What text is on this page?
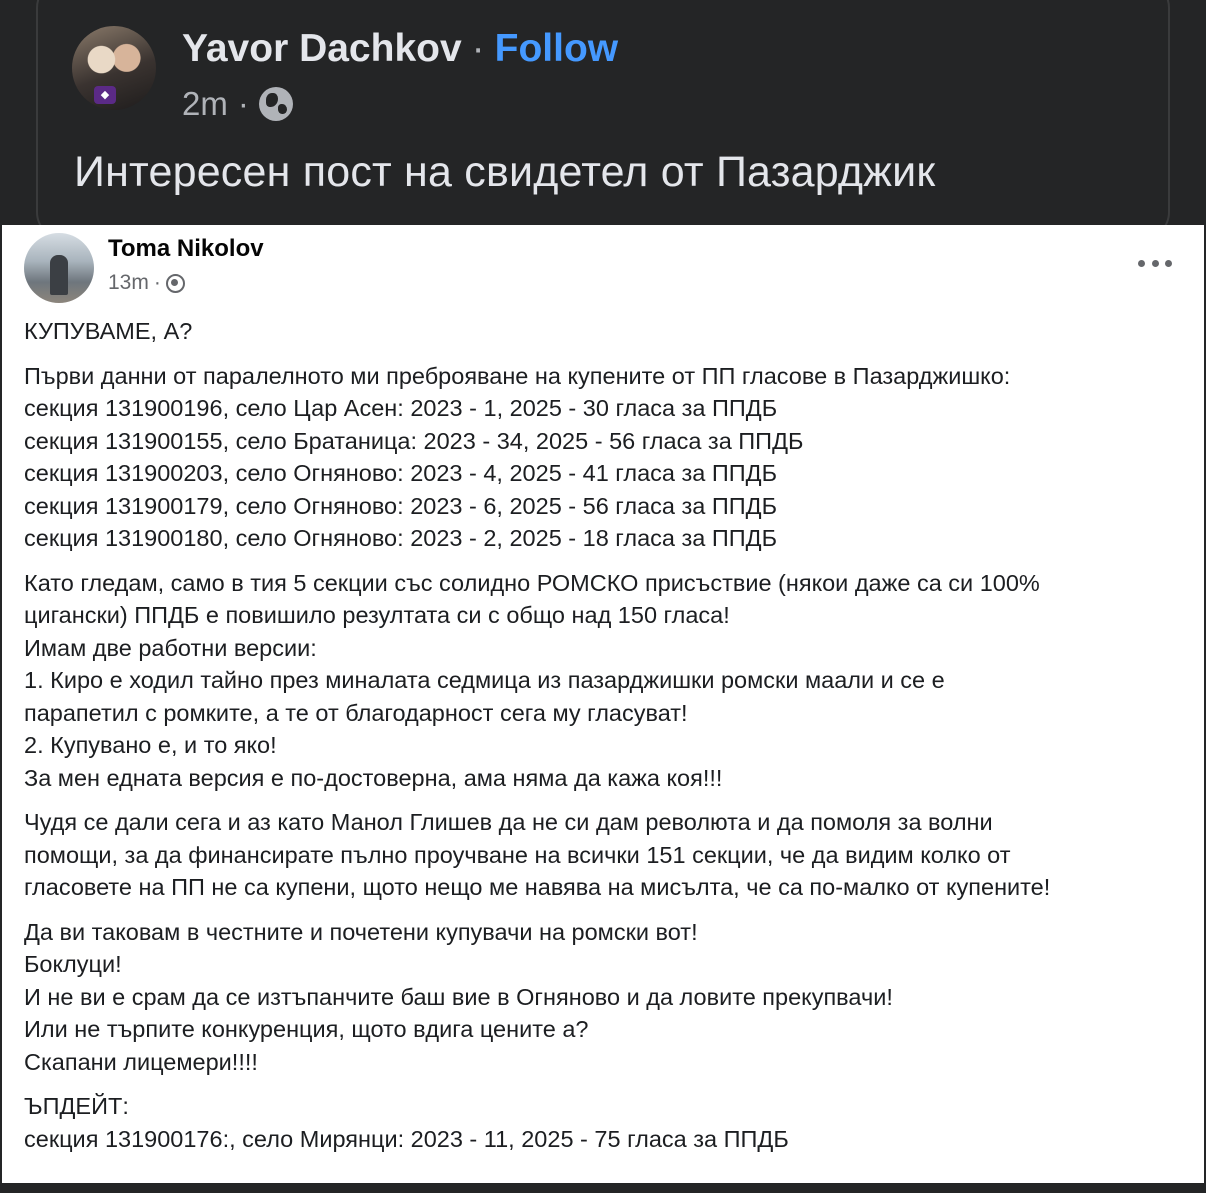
◆
Yavor Dachkov · Follow
2m ·
Интересен пост на свидетел от Пазарджик
Toma Nikolov
13m ·
КУПУВАМЕ, А?
Първи данни от паралелното ми преброяване на купените от ПП гласове в Пазарджишко:
секция 131900196, село Цар Асен: 2023 - 1, 2025 - 30 гласа за ППДБ
секция 131900155, село Братаница: 2023 - 34, 2025 - 56 гласа за ППДБ
секция 131900203, село Огняново: 2023 - 4, 2025 - 41 гласа за ППДБ
секция 131900179, село Огняново: 2023 - 6, 2025 - 56 гласа за ППДБ
секция 131900180, село Огняново: 2023 - 2, 2025 - 18 гласа за ППДБ
Като гледам, само в тия 5 секции със солидно РОМСКО присъствие (някои даже са си 100%
цигански) ППДБ е повишило резултата си с общо над 150 гласа!
Имам две работни версии:
1. Киро е ходил тайно през миналата седмица из пазарджишки ромски маали и се е
парапетил с ромките, а те от благодарност сега му гласуват!
2. Купувано е, и то яко!
За мен едната версия е по-достоверна, ама няма да кажа коя!!!
Чудя се дали сега и аз като Манол Глишев да не си дам революта и да помоля за волни
помощи, за да финансирате пълно проучване на всички 151 секции, че да видим колко от
гласовете на ПП не са купени, щото нещо ме навява на мисълта, че са по-малко от купените!
Да ви таковам в честните и почетени купувачи на ромски вот!
Боклуци!
И не ви е срам да се изтъпанчите баш вие в Огняново и да ловите прекупвачи!
Или не търпите конкуренция, щото вдига цените а?
Скапани лицемери!!!!
ЪПДЕЙТ:
секция 131900176:, село Мирянци: 2023 - 11, 2025 - 75 гласа за ППДБ
